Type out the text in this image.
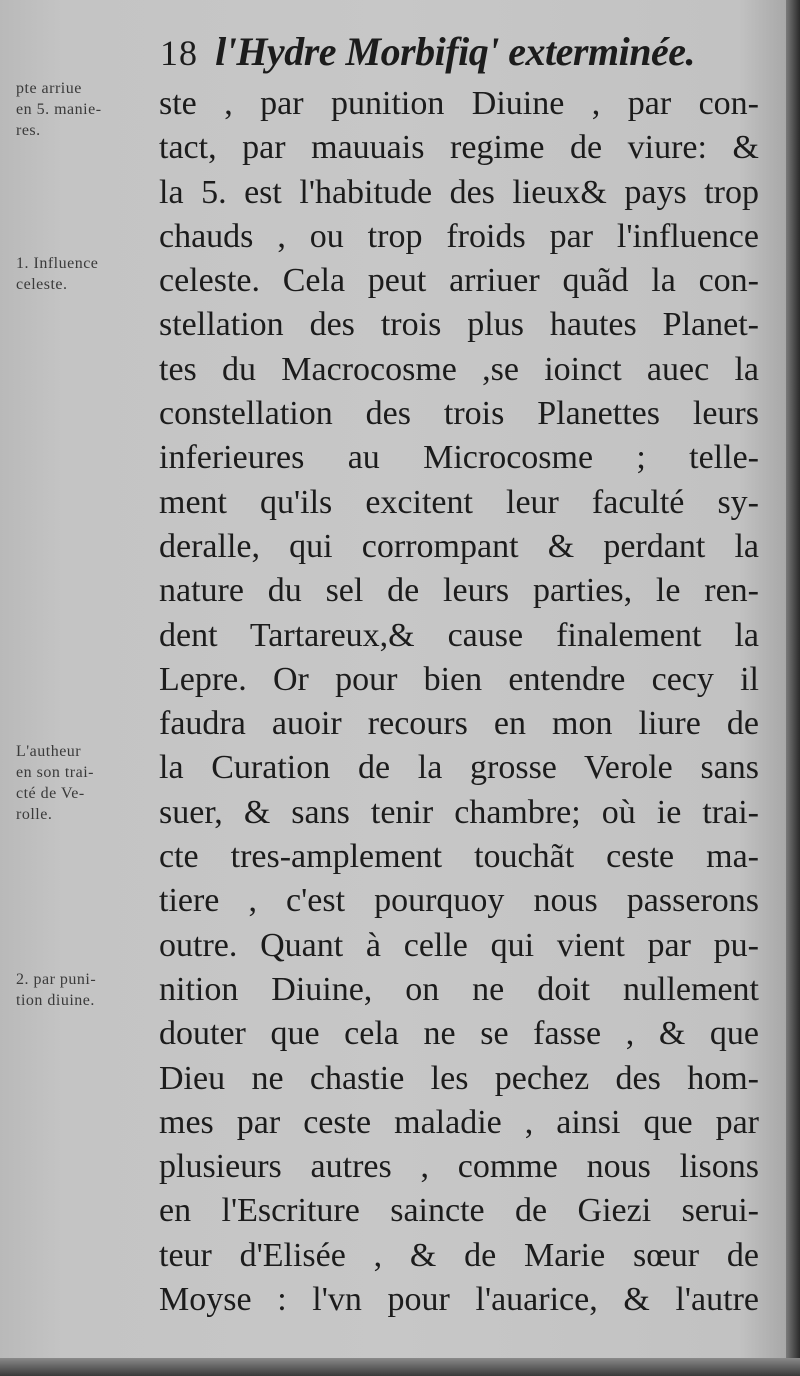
18 l'Hydre Morbifiq' exterminée.
pte arriue
en 5. manie-
res.
1. Influence
celeste.
L'autheur
en son trai-
cté de Ve-
rolle.
2. par puni-
tion diuine.
ste , par punition Diuine , par con-
tact, par mauuais regime de viure: &
la 5. est l'habitude des lieux& pays trop
chauds , ou trop froids par l'influence
celeste. Cela peut arriuer quãd la con-
stellation des trois plus hautes Planet-
tes du Macrocosme ,se ioinct auec la
constellation des trois Planettes leurs
inferieures au Microcosme ; telle-
ment qu'ils excitent leur faculté sy-
deralle, qui corrompant & perdant la
nature du sel de leurs parties, le ren-
dent Tartareux,& cause finalement la
Lepre. Or pour bien entendre cecy il
faudra auoir recours en mon liure de
la Curation de la grosse Verole sans
suer, & sans tenir chambre; où ie trai-
cte tres-amplement touchãt ceste ma-
tiere , c'est pourquoy nous passerons
outre. Quant à celle qui vient par pu-
nition Diuine, on ne doit nullement
douter que cela ne se fasse , & que
Dieu ne chastie les pechez des hom-
mes par ceste maladie , ainsi que par
plusieurs autres , comme nous lisons
en l'Escriture saincte de Giezi serui-
teur d'Elisée , & de Marie sœur de
Moyse : l'vn pour l'auarice, & l'autre
